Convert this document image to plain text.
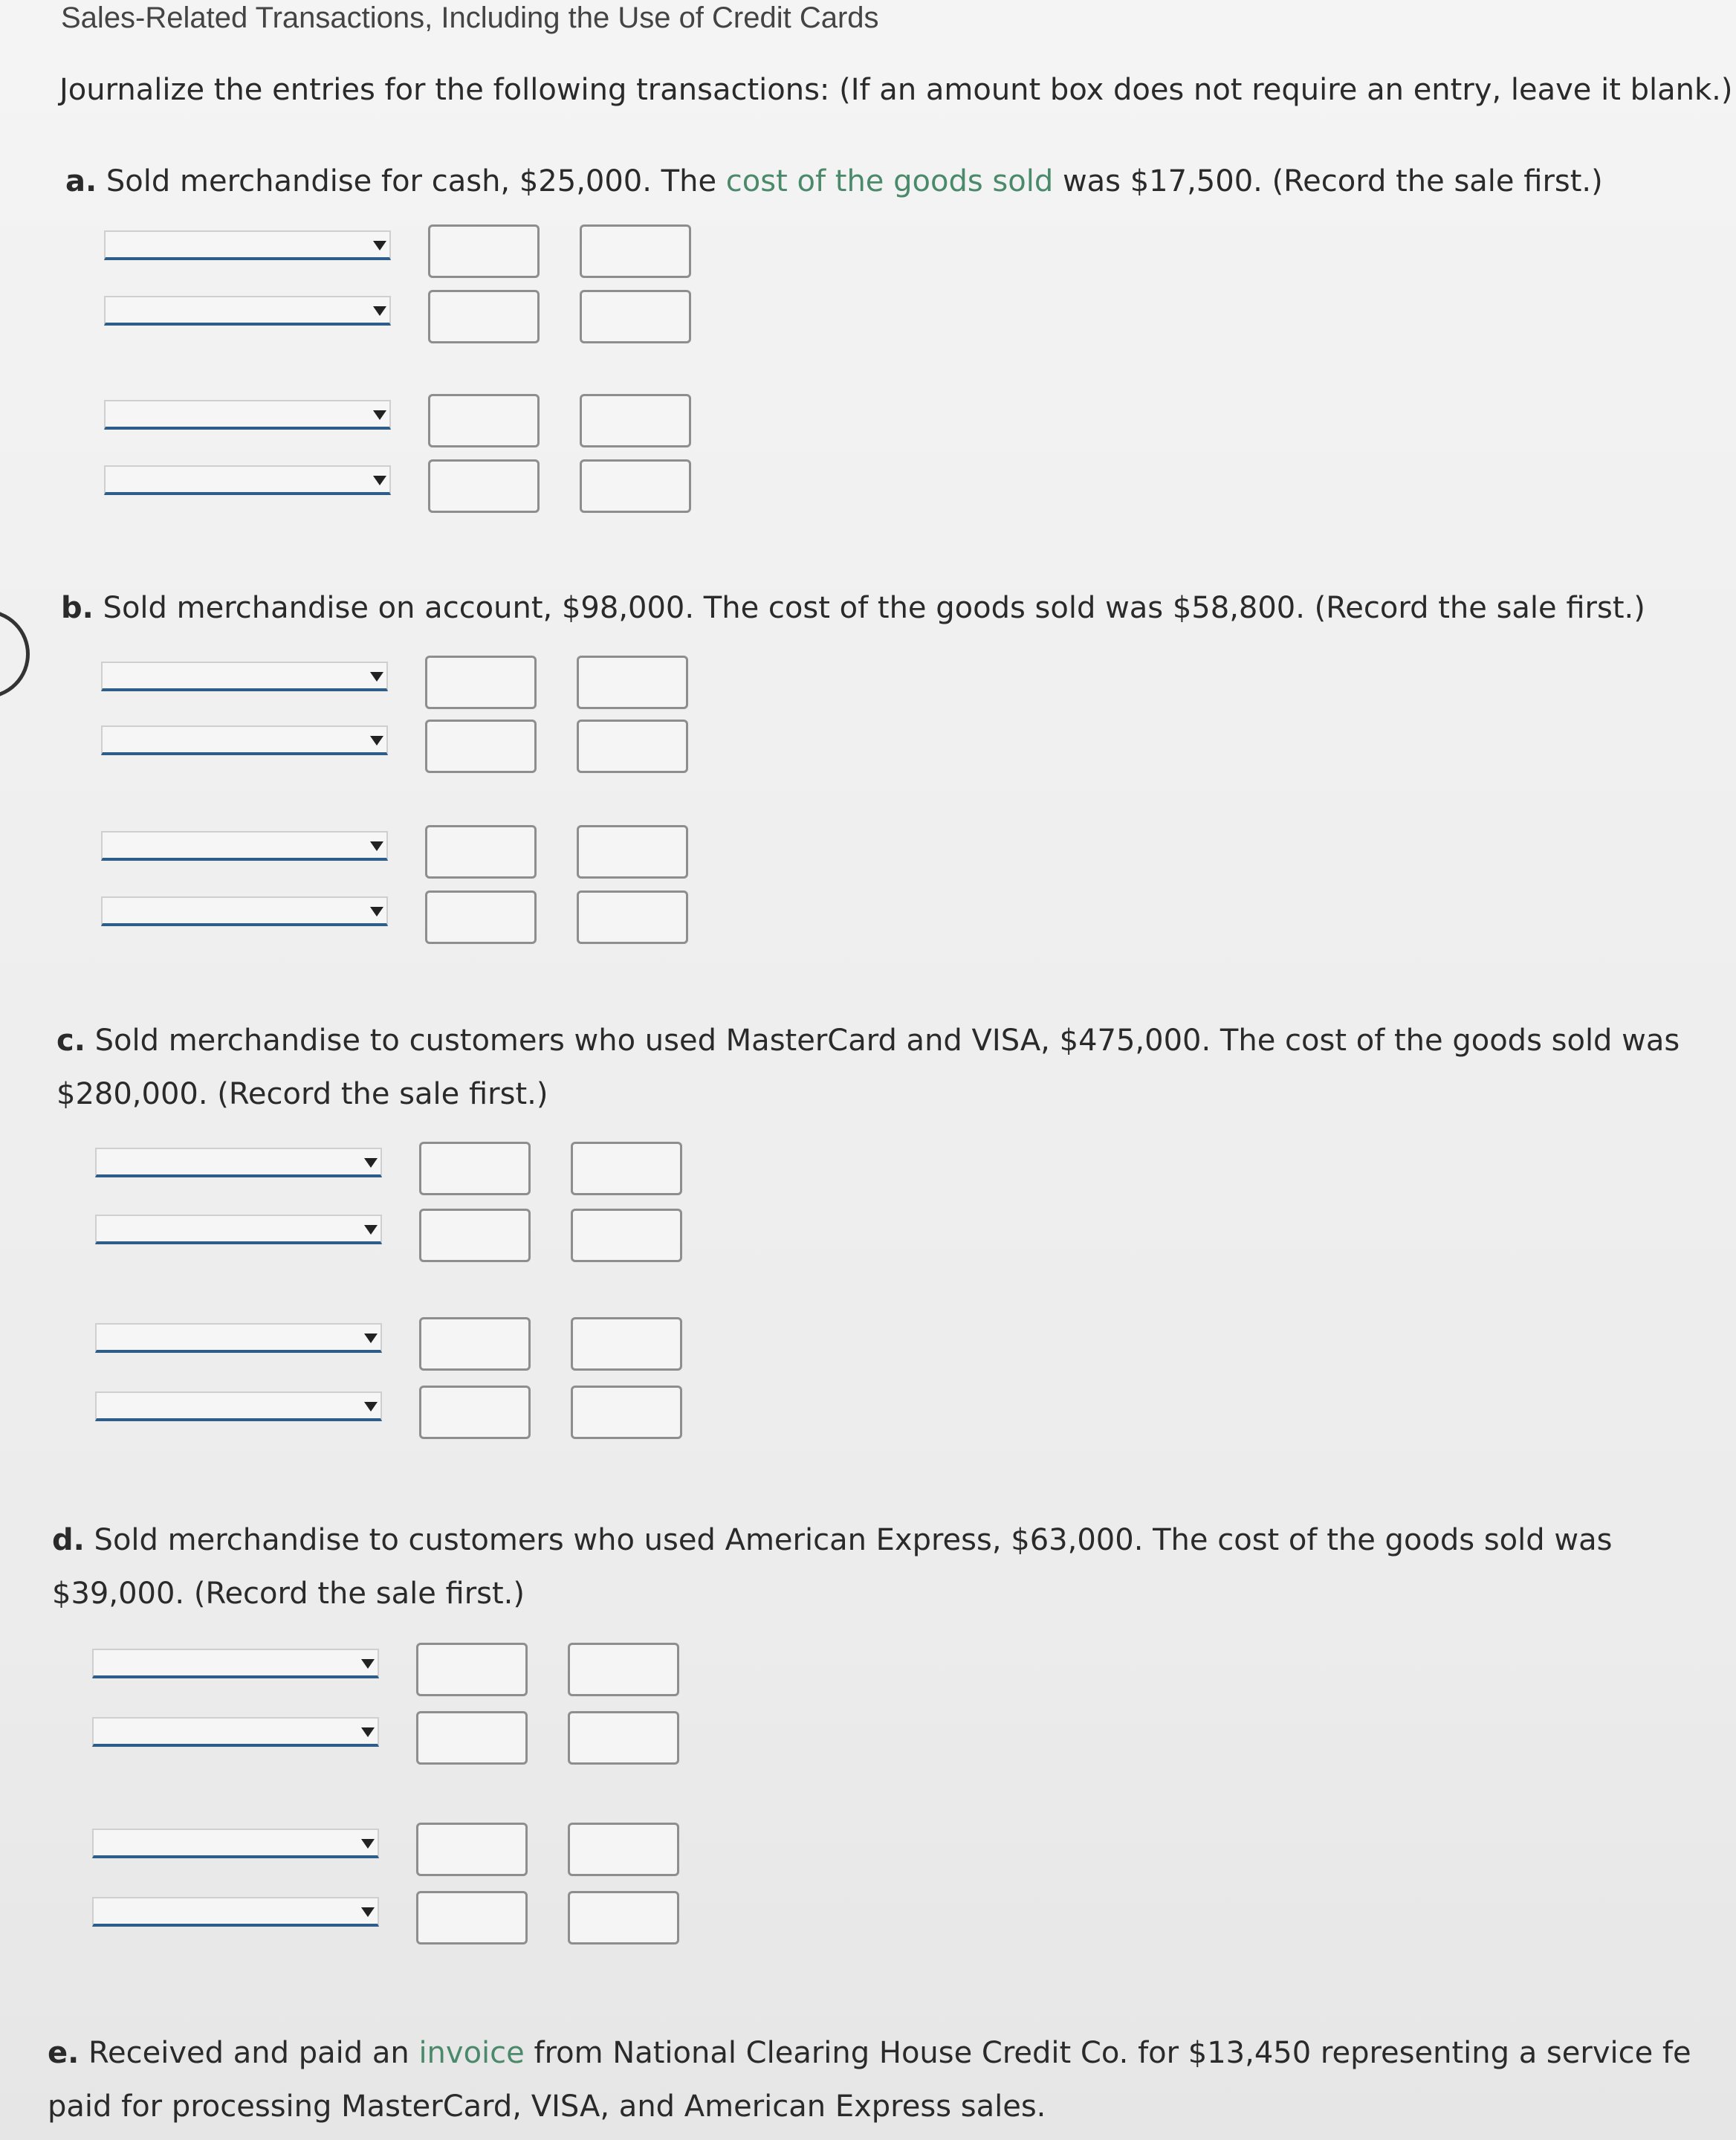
Sales-Related Transactions, Including the Use of Credit Cards
Journalize the entries for the following transactions: (If an amount box does not require an entry, leave it blank.)
a. Sold merchandise for cash, $25,000. The cost of the goods sold was $17,500. (Record the sale first.)
b. Sold merchandise on account, $98,000. The cost of the goods sold was $58,800. (Record the sale first.)
c. Sold merchandise to customers who used MasterCard and VISA, $475,000. The cost of the goods sold was
$280,000. (Record the sale first.)
d. Sold merchandise to customers who used American Express, $63,000. The cost of the goods sold was
$39,000. (Record the sale first.)
e. Received and paid an invoice from National Clearing House Credit Co. for $13,450 representing a service fe
paid for processing MasterCard, VISA, and American Express sales.
